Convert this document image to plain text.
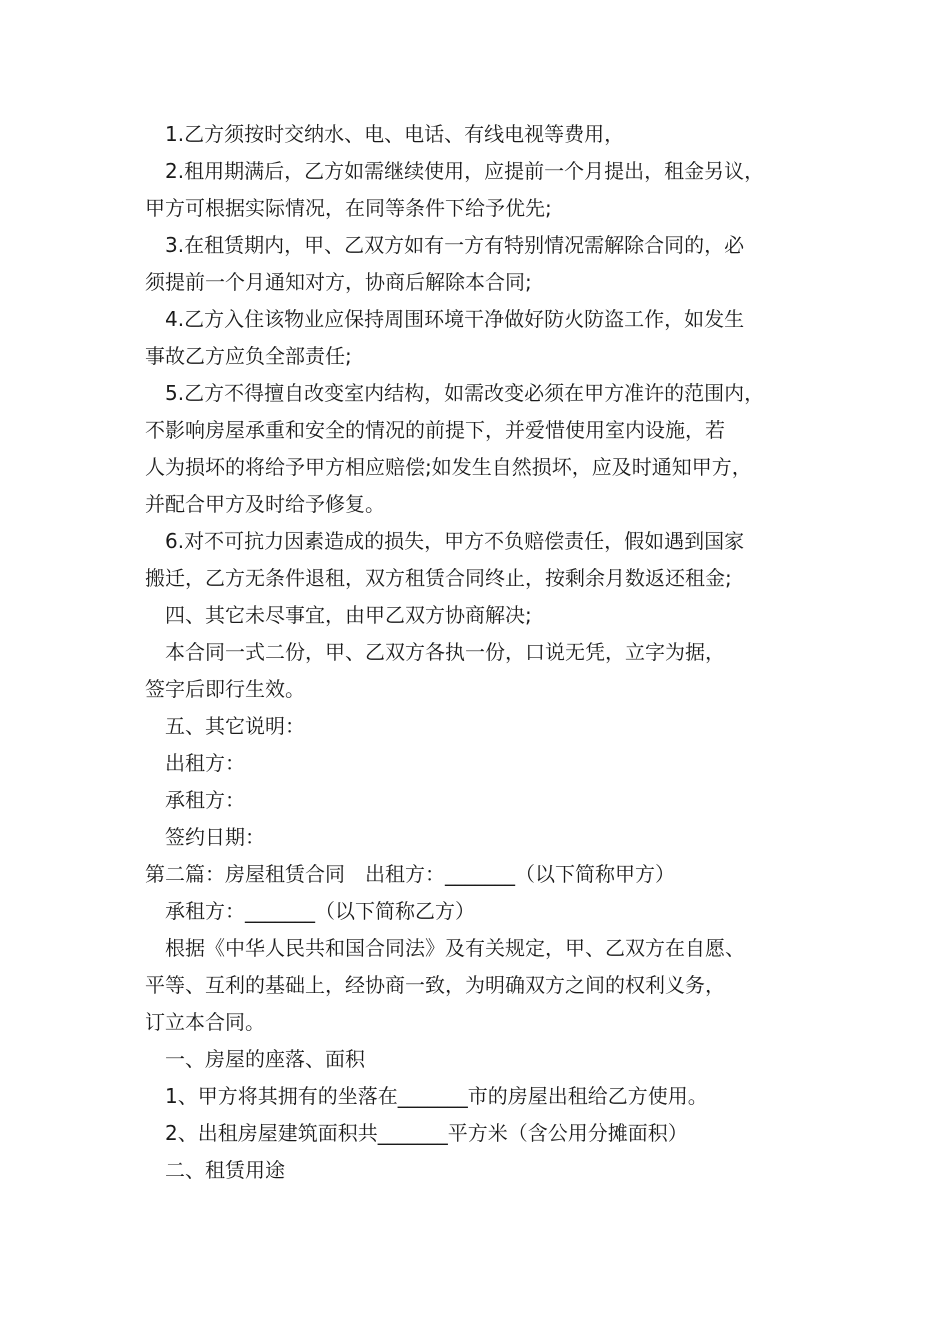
1.乙方须按时交纳水、电、电话、有线电视等费用，
2.租用期满后，乙方如需继续使用，应提前一个月提出，租金另议，
甲方可根据实际情况，在同等条件下给予优先;
3.在租赁期内，甲、乙双方如有一方有特别情况需解除合同的，必
须提前一个月通知对方，协商后解除本合同;
4.乙方入住该物业应保持周围环境干净做好防火防盗工作，如发生
事故乙方应负全部责任;
5.乙方不得擅自改变室内结构，如需改变必须在甲方准许的范围内，
不影响房屋承重和安全的情况的前提下，并爱惜使用室内设施，若
人为损坏的将给予甲方相应赔偿;如发生自然损坏，应及时通知甲方，
并配合甲方及时给予修复。
6.对不可抗力因素造成的损失，甲方不负赔偿责任，假如遇到国家
搬迁，乙方无条件退租，双方租赁合同终止，按剩余月数返还租金;
四、其它未尽事宜，由甲乙双方协商解决;
本合同一式二份，甲、乙双方各执一份，口说无凭，立字为据，
签字后即行生效。
五、其它说明：
出租方：
承租方：
签约日期：
第二篇：房屋租赁合同　出租方：_______（以下简称甲方）
承租方：_______（以下简称乙方）
根据《中华人民共和国合同法》及有关规定，甲、乙双方在自愿、
平等、互利的基础上，经协商一致，为明确双方之间的权利义务，
订立本合同。
一、房屋的座落、面积
1、甲方将其拥有的坐落在_______市的房屋出租给乙方使用。
2、出租房屋建筑面积共_______平方米（含公用分摊面积）
二、租赁用途
